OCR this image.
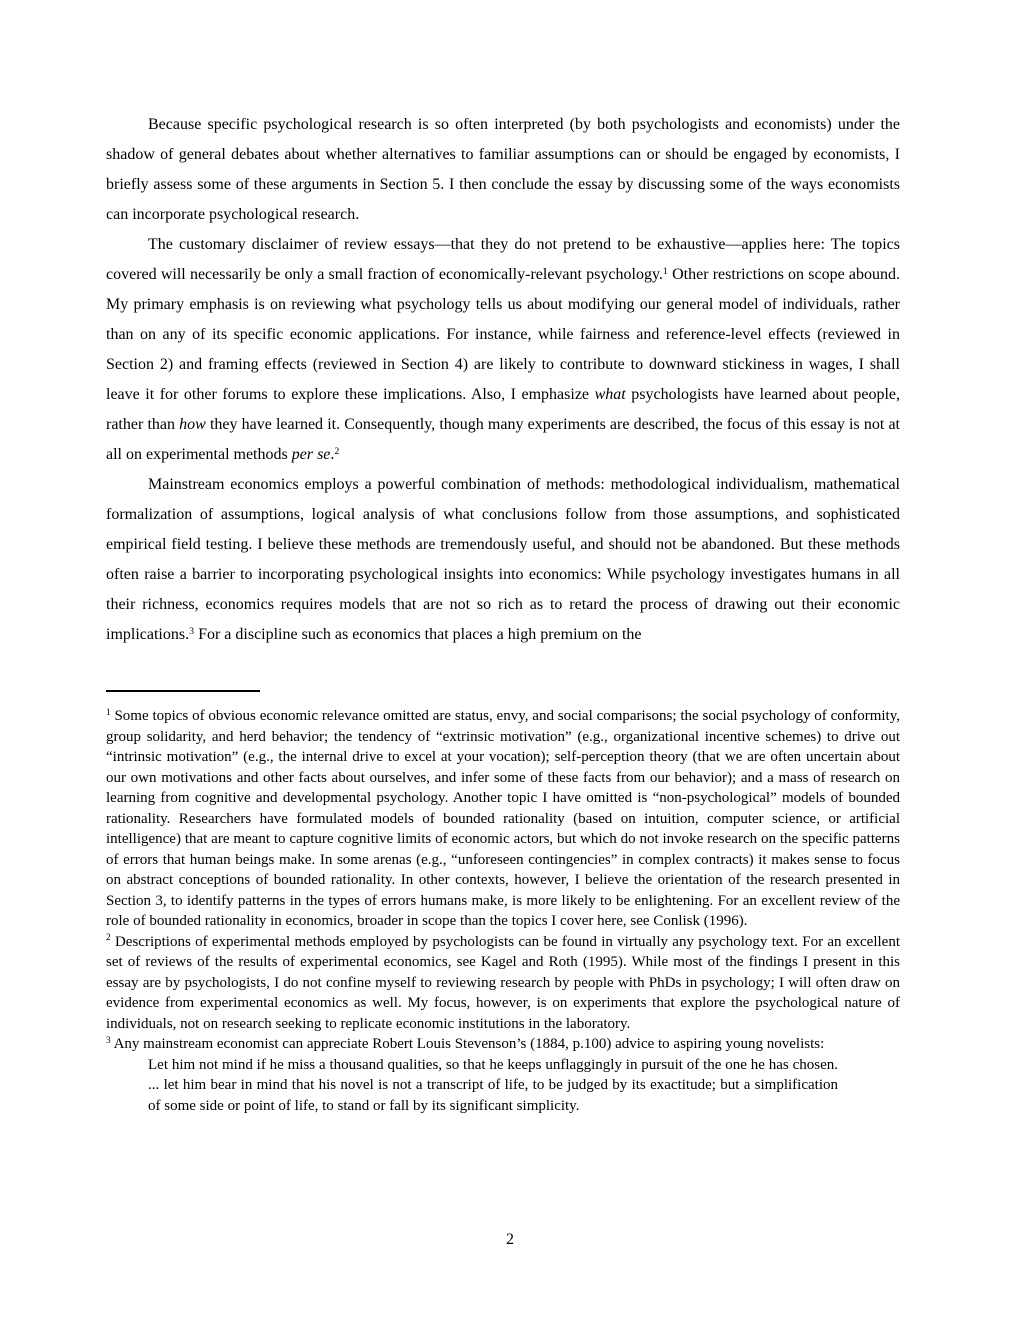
Because specific psychological research is so often interpreted (by both psychologists and economists) under the shadow of general debates about whether alternatives to familiar assumptions can or should be engaged by economists, I briefly assess some of these arguments in Section 5. I then conclude the essay by discussing some of the ways economists can incorporate psychological research.

The customary disclaimer of review essays—that they do not pretend to be exhaustive—applies here: The topics covered will necessarily be only a small fraction of economically-relevant psychology.$^1$ Other restrictions on scope abound. My primary emphasis is on reviewing what psychology tells us about modifying our general model of individuals, rather than on any of its specific economic applications. For instance, while fairness and reference-level effects (reviewed in Section 2) and framing effects (reviewed in Section 4) are likely to contribute to downward stickiness in wages, I shall leave it for other forums to explore these implications. Also, I emphasize what psychologists have learned about people, rather than how they have learned it. Consequently, though many experiments are described, the focus of this essay is not at all on experimental methods per se.$^2$

Mainstream economics employs a powerful combination of methods: methodological individualism, mathematical formalization of assumptions, logical analysis of what conclusions follow from those assumptions, and sophisticated empirical field testing. I believe these methods are tremendously useful, and should not be abandoned. But these methods often raise a barrier to incorporating psychological insights into economics: While psychology investigates humans in all their richness, economics requires models that are not so rich as to retard the process of drawing out their economic implications.$^3$ For a discipline such as economics that places a high premium on the

$^1$ Some topics of obvious economic relevance omitted are status, envy, and social comparisons; the social psychology of conformity, group solidarity, and herd behavior; the tendency of “extrinsic motivation” (e.g., organizational incentive schemes) to drive out “intrinsic motivation” (e.g., the internal drive to excel at your vocation); self-perception theory (that we are often uncertain about our own motivations and other facts about ourselves, and infer some of these facts from our behavior); and a mass of research on learning from cognitive and developmental psychology. Another topic I have omitted is “non-psychological” models of bounded rationality. Researchers have formulated models of bounded rationality (based on intuition, computer science, or artificial intelligence) that are meant to capture cognitive limits of economic actors, but which do not invoke research on the specific patterns of errors that human beings make. In some arenas (e.g., “unforeseen contingencies” in complex contracts) it makes sense to focus on abstract conceptions of bounded rationality. In other contexts, however, I believe the orientation of the research presented in Section 3, to identify patterns in the types of errors humans make, is more likely to be enlightening. For an excellent review of the role of bounded rationality in economics, broader in scope than the topics I cover here, see Conlisk (1996).
$^2$ Descriptions of experimental methods employed by psychologists can be found in virtually any psychology text. For an excellent set of reviews of the results of experimental economics, see Kagel and Roth (1995). While most of the findings I present in this essay are by psychologists, I do not confine myself to reviewing research by people with PhDs in psychology; I will often draw on evidence from experimental economics as well. My focus, however, is on experiments that explore the psychological nature of individuals, not on research seeking to replicate economic institutions in the laboratory.
$^3$ Any mainstream economist can appreciate Robert Louis Stevenson’s (1884, p.100) advice to aspiring young novelists:
Let him not mind if he miss a thousand qualities, so that he keeps unflaggingly in pursuit of the one he has chosen. ... let him bear in mind that his novel is not a transcript of life, to be judged by its exactitude; but a simplification of some side or point of life, to stand or fall by its significant simplicity.
2
